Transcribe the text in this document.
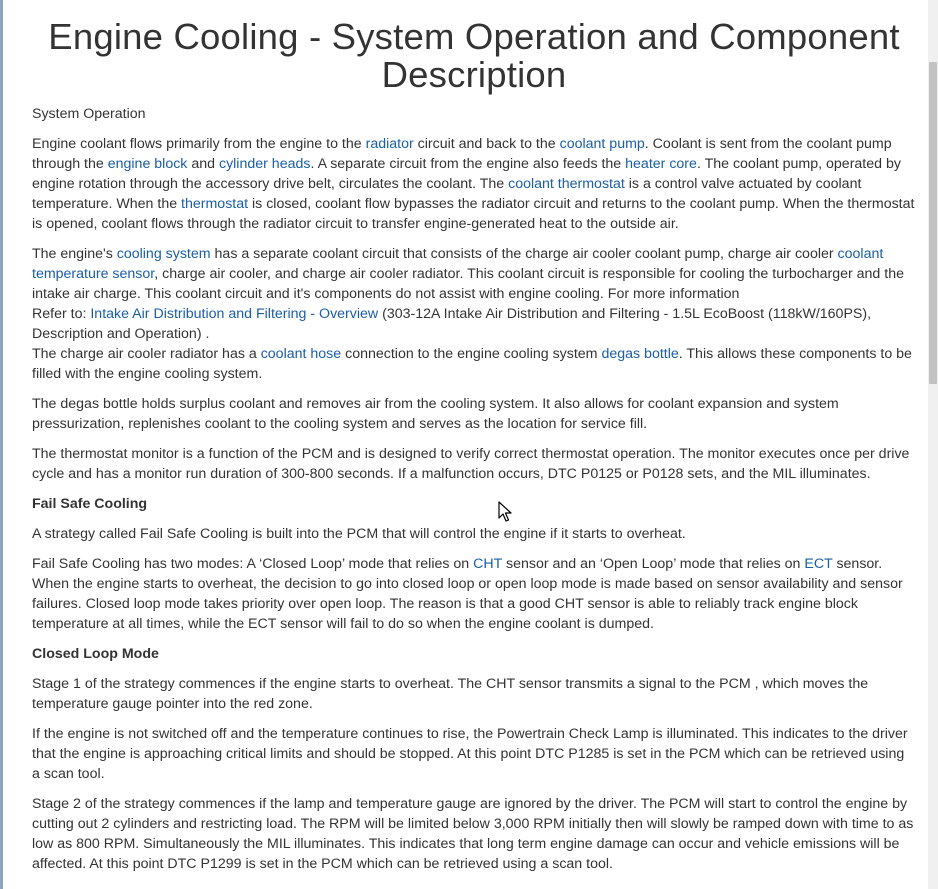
Engine Cooling - System Operation and Component Description

System Operation

Engine coolant flows primarily from the engine to the radiator circuit and back to the coolant pump. Coolant is sent from the coolant pump through the engine block and cylinder heads. A separate circuit from the engine also feeds the heater core. The coolant pump, operated by engine rotation through the accessory drive belt, circulates the coolant. The coolant thermostat is a control valve actuated by coolant temperature. When the thermostat is closed, coolant flow bypasses the radiator circuit and returns to the coolant pump. When the thermostat is opened, coolant flows through the radiator circuit to transfer engine-generated heat to the outside air.

The engine's cooling system has a separate coolant circuit that consists of the charge air cooler coolant pump, charge air cooler coolant temperature sensor, charge air cooler, and charge air cooler radiator. This coolant circuit is responsible for cooling the turbocharger and the intake air charge. This coolant circuit and it's components do not assist with engine cooling. For more information
Refer to: Intake Air Distribution and Filtering - Overview (303-12A Intake Air Distribution and Filtering - 1.5L EcoBoost (118kW/160PS), Description and Operation) .
The charge air cooler radiator has a coolant hose connection to the engine cooling system degas bottle. This allows these components to be filled with the engine cooling system.

The degas bottle holds surplus coolant and removes air from the cooling system. It also allows for coolant expansion and system pressurization, replenishes coolant to the cooling system and serves as the location for service fill.

The thermostat monitor is a function of the PCM and is designed to verify correct thermostat operation. The monitor executes once per drive cycle and has a monitor run duration of 300-800 seconds. If a malfunction occurs, DTC P0125 or P0128 sets, and the MIL illuminates.

Fail Safe Cooling

A strategy called Fail Safe Cooling is built into the PCM that will control the engine if it starts to overheat.

Fail Safe Cooling has two modes: A ‘Closed Loop’ mode that relies on CHT sensor and an ‘Open Loop’ mode that relies on ECT sensor. When the engine starts to overheat, the decision to go into closed loop or open loop mode is made based on sensor availability and sensor failures. Closed loop mode takes priority over open loop. The reason is that a good CHT sensor is able to reliably track engine block temperature at all times, while the ECT sensor will fail to do so when the engine coolant is dumped.

Closed Loop Mode

Stage 1 of the strategy commences if the engine starts to overheat. The CHT sensor transmits a signal to the PCM , which moves the temperature gauge pointer into the red zone.

If the engine is not switched off and the temperature continues to rise, the Powertrain Check Lamp is illuminated. This indicates to the driver that the engine is approaching critical limits and should be stopped. At this point DTC P1285 is set in the PCM which can be retrieved using a scan tool.

Stage 2 of the strategy commences if the lamp and temperature gauge are ignored by the driver. The PCM will start to control the engine by cutting out 2 cylinders and restricting load. The RPM will be limited below 3,000 RPM initially then will slowly be ramped down with time to as low as 800 RPM. Simultaneously the MIL illuminates. This indicates that long term engine damage can occur and vehicle emissions will be affected. At this point DTC P1299 is set in the PCM which can be retrieved using a scan tool.
